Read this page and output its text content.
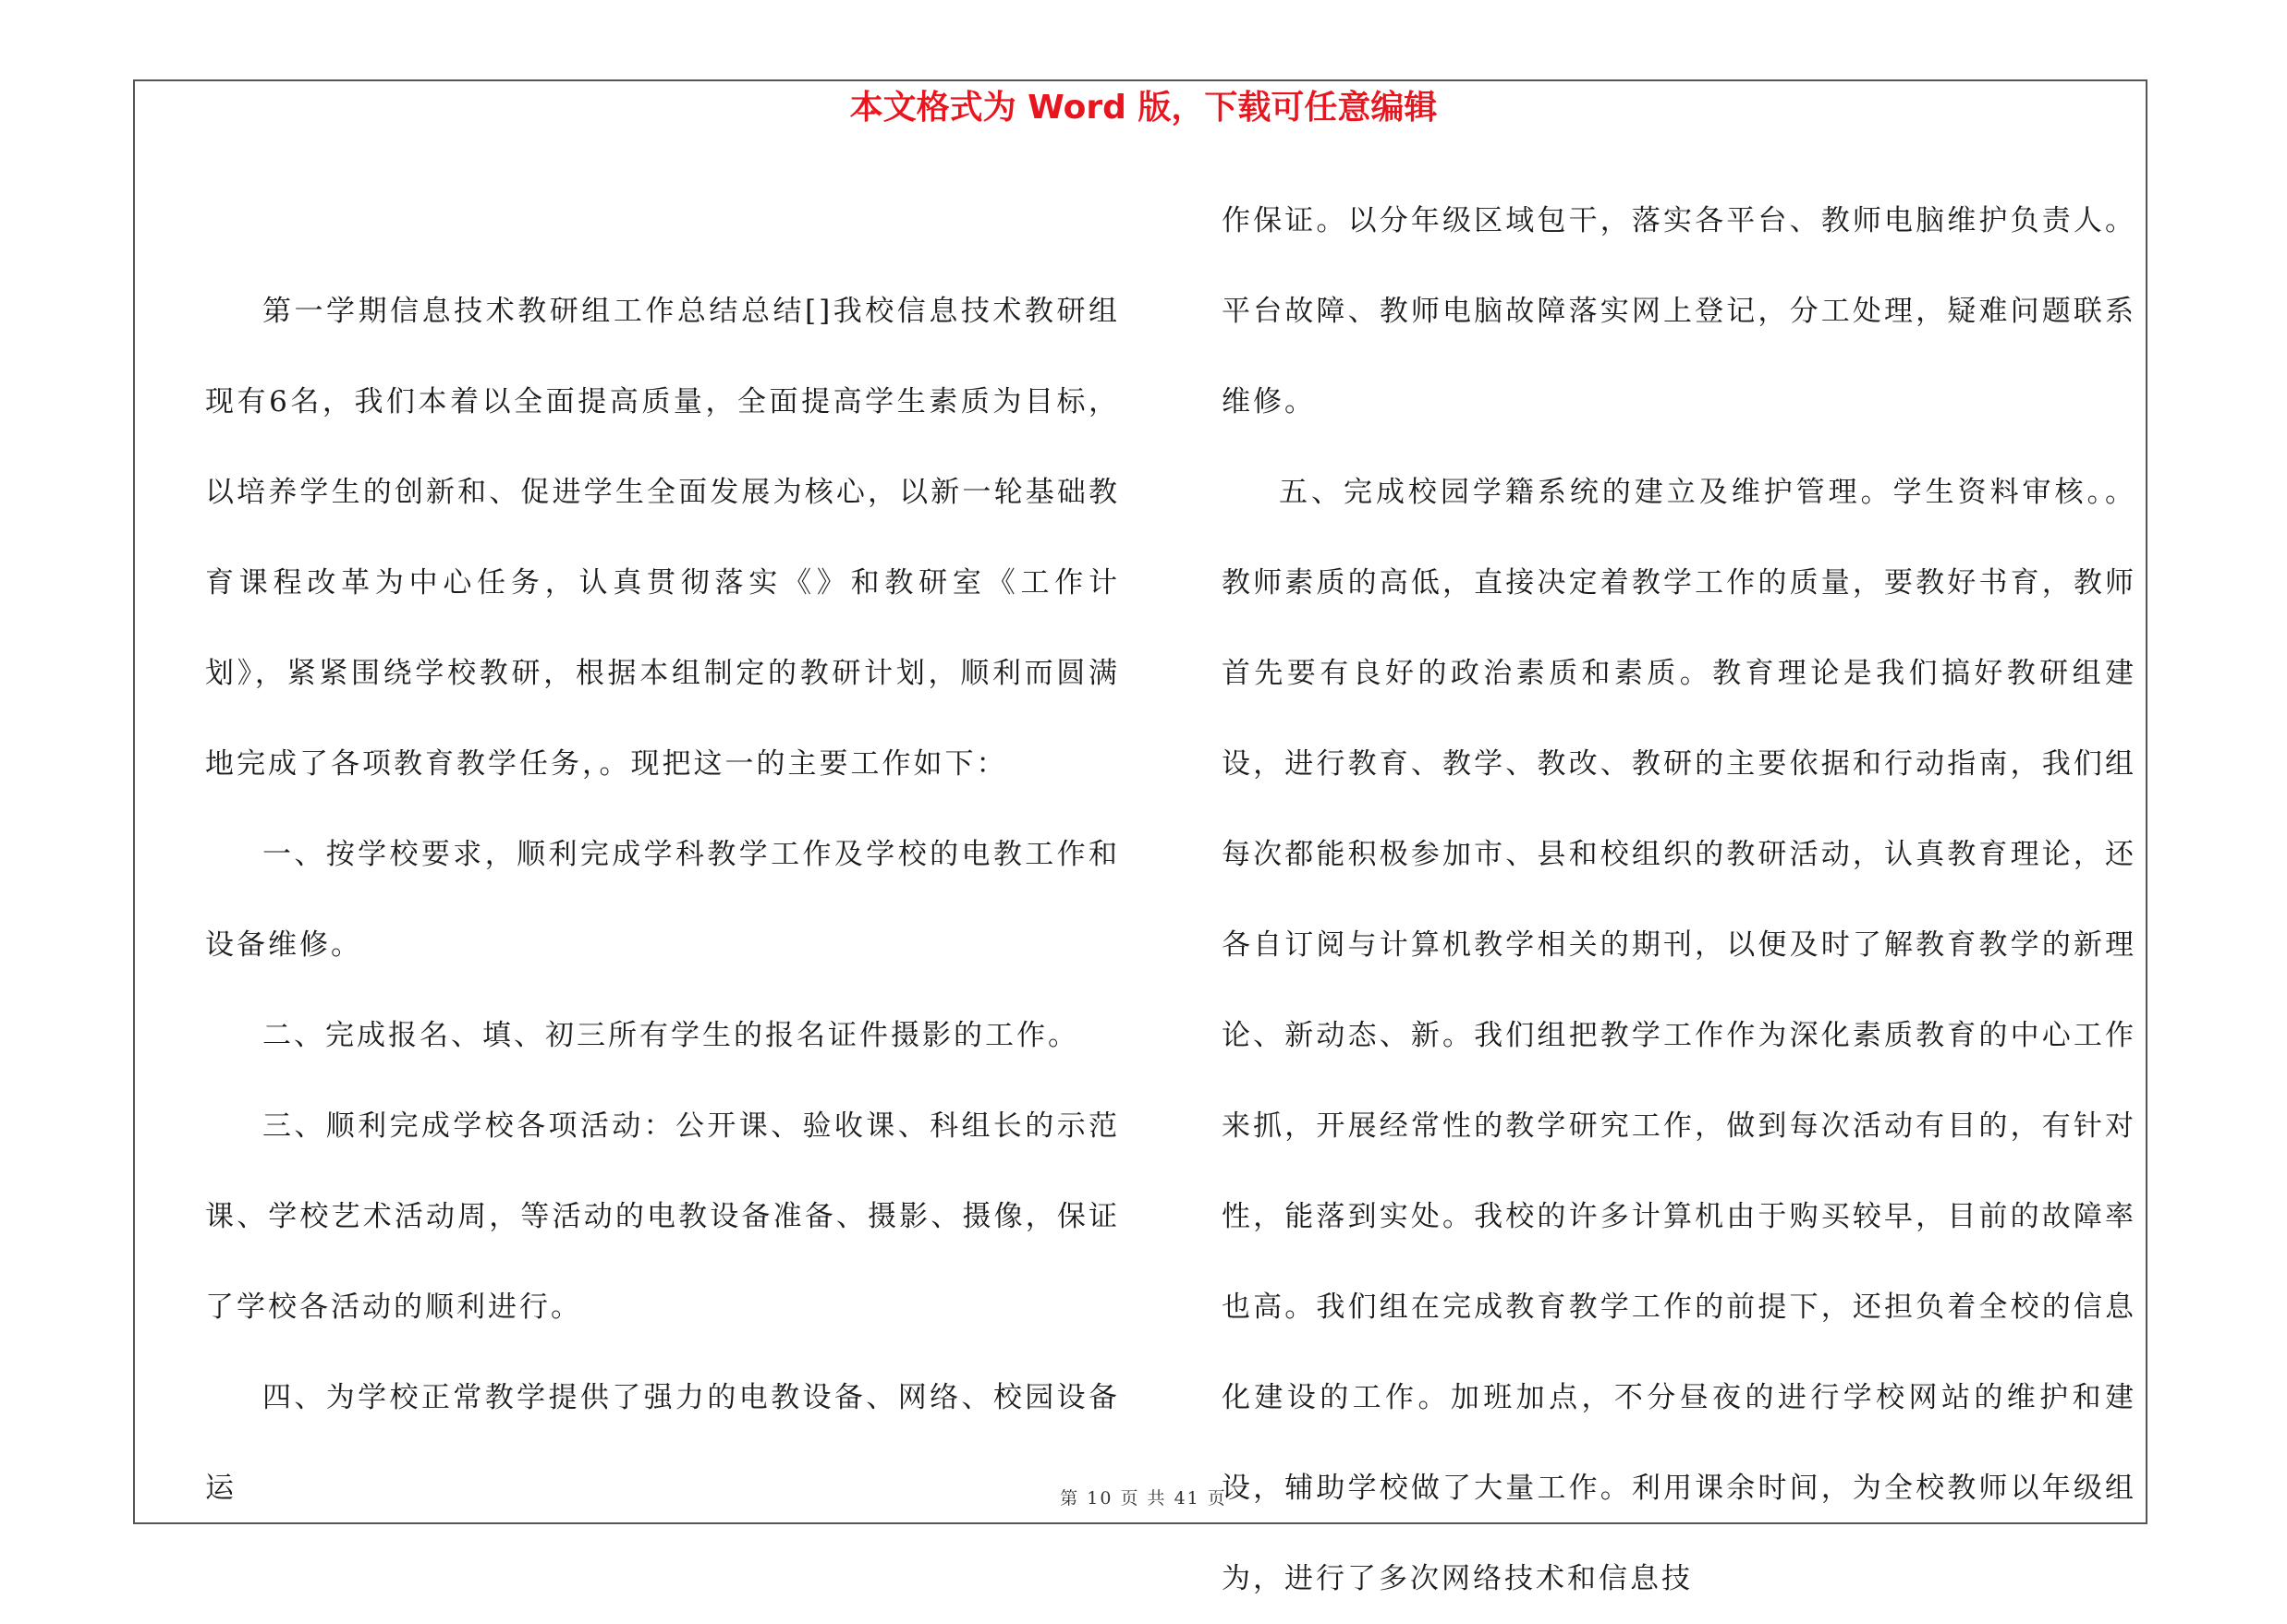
本文格式为 Word 版，下载可任意编辑

第一学期信息技术教研组工作总结总结[]我校信息技术教研组现有6名，我们本着以全面提高质量，全面提高学生素质为目标，以培养学生的创新和、促进学生全面发展为核心，以新一轮基础教育课程改革为中心任务，认真贯彻落实《》和教研室《工作计划》，紧紧围绕学校教研，根据本组制定的教研计划，顺利而圆满地完成了各项教育教学任务，。现把这一的主要工作如下：

一、按学校要求，顺利完成学科教学工作及学校的电教工作和设备维修。

二、完成报名、填、初三所有学生的报名证件摄影的工作。

三、顺利完成学校各项活动：公开课、验收课、科组长的示范课、学校艺术活动周，等活动的电教设备准备、摄影、摄像，保证了学校各活动的顺利进行。

四、为学校正常教学提供了强力的电教设备、网络、校园设备运

作保证。以分年级区域包干，落实各平台、教师电脑维护负责人。平台故障、教师电脑故障落实网上登记，分工处理，疑难问题联系维修。

五、完成校园学籍系统的建立及维护管理。学生资料审核。。教师素质的高低，直接决定着教学工作的质量，要教好书育，教师首先要有良好的政治素质和素质。教育理论是我们搞好教研组建设，进行教育、教学、教改、教研的主要依据和行动指南，我们组每次都能积极参加市、县和校组织的教研活动，认真教育理论，还各自订阅与计算机教学相关的期刊，以便及时了解教育教学的新理论、新动态、新。我们组把教学工作作为深化素质教育的中心工作来抓，开展经常性的教学研究工作，做到每次活动有目的，有针对性，能落到实处。我校的许多计算机由于购买较早，目前的故障率也高。我们组在完成教育教学工作的前提下，还担负着全校的信息化建设的工作。加班加点，不分昼夜的进行学校网站的维护和建设，辅助学校做了大量工作。利用课余时间，为全校教师以年级组为，进行了多次网络技术和信息技

第 10 页 共 41 页
